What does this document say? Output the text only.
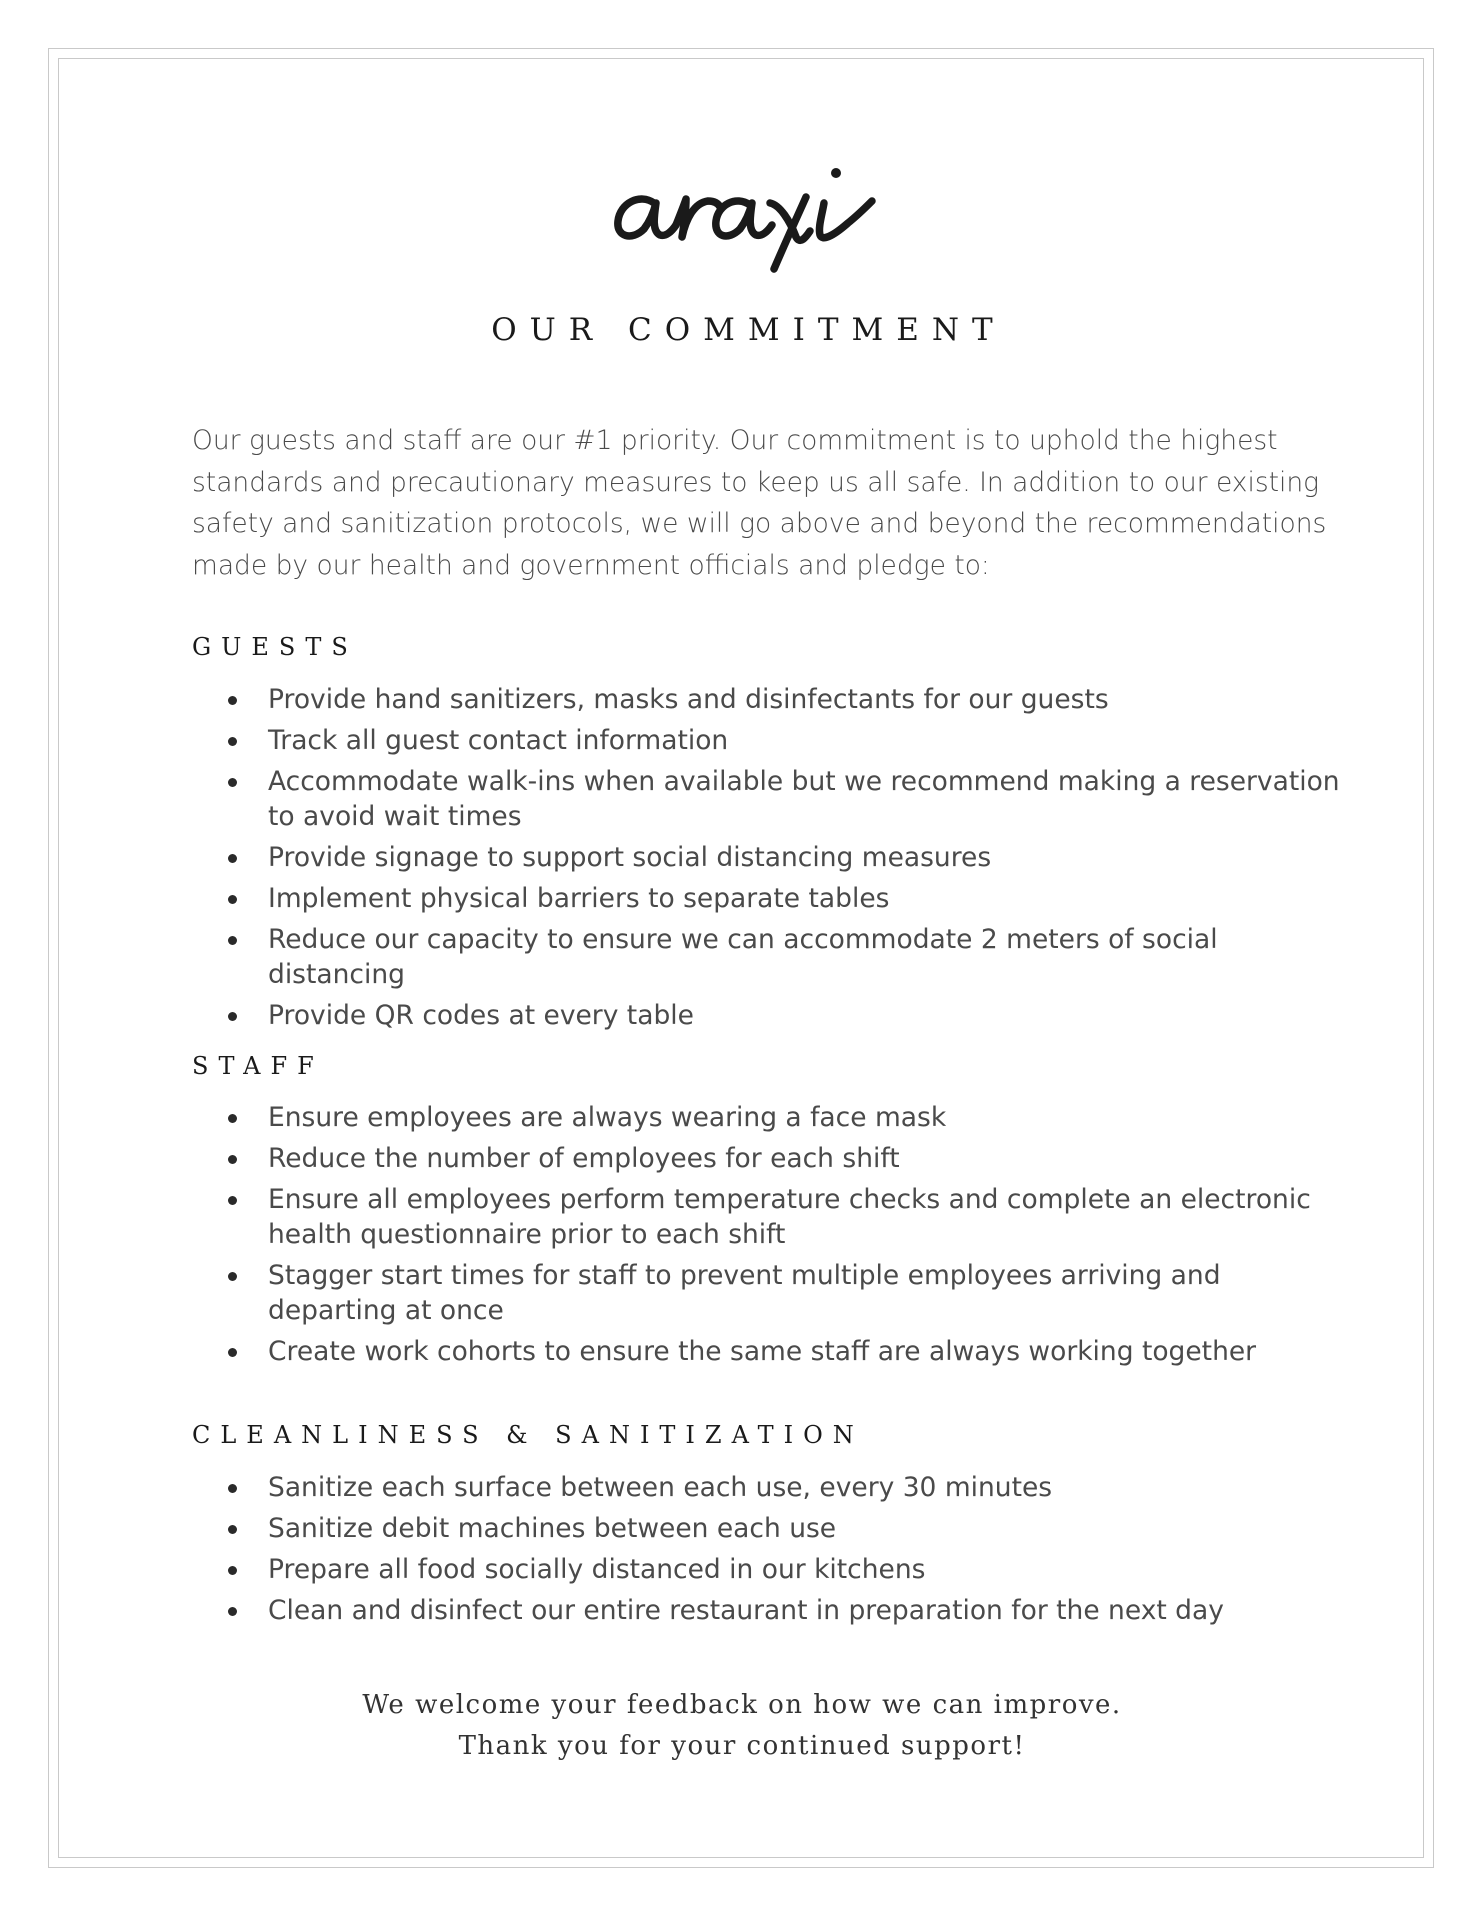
OUR COMMITMENT

Our guests and staff are our #1 priority. Our commitment is to uphold the highest standards and precautionary measures to keep us all safe. In addition to our existing safety and sanitization protocols, we will go above and beyond the recommendations made by our health and government officials and pledge to:

GUESTS
Provide hand sanitizers, masks and disinfectants for our guests
Track all guest contact information
Accommodate walk-ins when available but we recommend making a reservation to avoid wait times
Provide signage to support social distancing measures
Implement physical barriers to separate tables
Reduce our capacity to ensure we can accommodate 2 meters of social distancing
Provide QR codes at every table
STAFF
Ensure employees are always wearing a face mask
Reduce the number of employees for each shift
Ensure all employees perform temperature checks and complete an electronic health questionnaire prior to each shift
Stagger start times for staff to prevent multiple employees arriving and departing at once
Create work cohorts to ensure the same staff are always working together
CLEANLINESS & SANITIZATION
Sanitize each surface between each use, every 30 minutes
Sanitize debit machines between each use
Prepare all food socially distanced in our kitchens
Clean and disinfect our entire restaurant in preparation for the next day

We welcome your feedback on how we can improve.

Thank you for your continued support!
